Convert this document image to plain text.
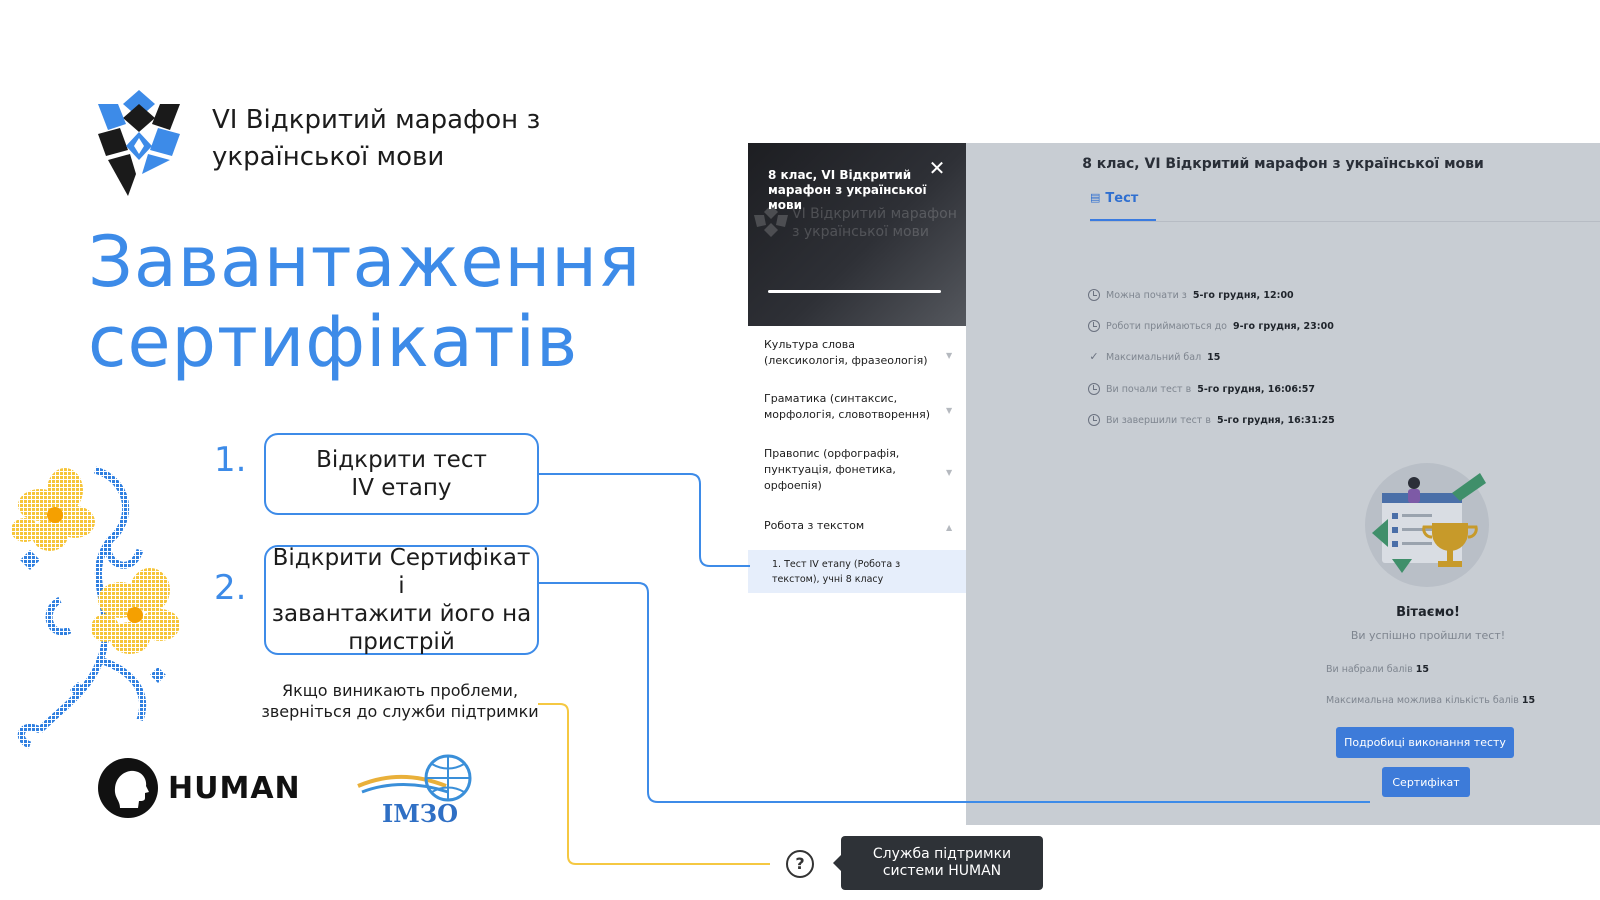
VI Відкритий марафон з
української мови
Завантаження
сертифікатів
1.	Відкрити тест
IV етапу
2.
Відкрити Сертифікат і
завантажити його на
пристрій
Якщо виникають проблеми,
зверніться до служби підтримки
HUMAN
ІМЗО
VI Відкритий марафон
з української мови
8 клас, VI Відкритий марафон з української мови
✕
Культура слова (лексикологія, фразеологія) ▼
Граматика (синтаксис, морфологія, словотворення) ▼
Правопис (орфографія, пунктуація, фонетика, орфоепія)
▼
Робота з текстом	▲
1. Тест IV етапу (Робота з текстом), учні 8 класу
8 клас, VI Відкритий марафон з української мови
▤ Тест
Можна почати з 5-го грудня, 12:00
Роботи приймаються до 9-го грудня, 23:00
✓ Максимальний бал 15
Ви почали тест в 5-го грудня, 16:06:57
Ви завершили тест в 5-го грудня, 16:31:25
Вітаємо!
Ви успішно пройшли тест!
Ви набрали балів 15
Максимальна можлива кількість балів 15
Подробиці виконання тесту
Сертифікат
?	Служба підтримки
системи HUMAN
